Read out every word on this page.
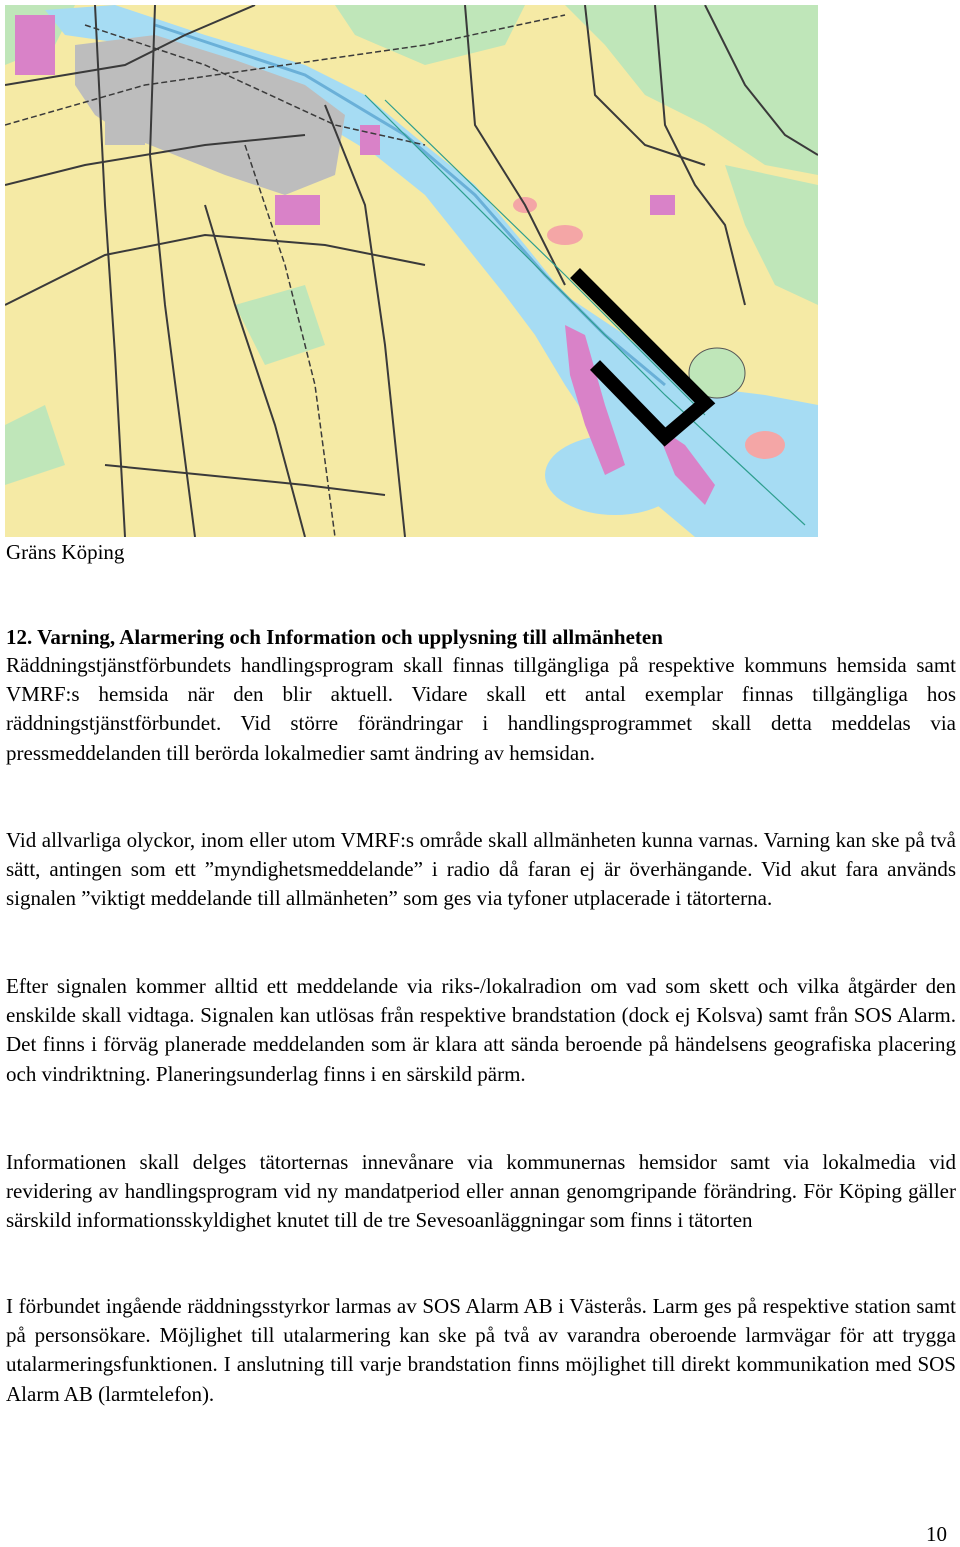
Gräns Köping
12. Varning, Alarmering och Information och upplysning till allmänheten

Räddningstjänstförbundets handlingsprogram skall finnas tillgängliga på respektive kommuns hemsida samt VMRF:s hemsida när den blir aktuell. Vidare skall ett antal exemplar finnas tillgängliga hos räddningstjänstförbundet. Vid större förändringar i handlingsprogrammet skall detta meddelas via pressmeddelanden till berörda lokalmedier samt ändring av hemsidan.

Vid allvarliga olyckor, inom eller utom VMRF:s område skall allmänheten kunna varnas. Varning kan ske på två sätt, antingen som ett ”myndighetsmeddelande” i radio då faran ej är överhängande. Vid akut fara används signalen ”viktigt meddelande till allmänheten” som ges via tyfoner utplacerade i tätorterna.

Efter signalen kommer alltid ett meddelande via riks-/lokalradion om vad som skett och vilka åtgärder den enskilde skall vidtaga. Signalen kan utlösas från respektive brandstation (dock ej Kolsva) samt från SOS Alarm. Det finns i förväg planerade meddelanden som är klara att sända beroende på händelsens geografiska placering och vindriktning. Planeringsunderlag finns i en särskild pärm.

Informationen skall delges tätorternas innevånare via kommunernas hemsidor samt via lokalmedia vid revidering av handlingsprogram vid ny mandatperiod eller annan genomgripande förändring. För Köping gäller särskild informationsskyldighet knutet till de tre Sevesoanläggningar som finns i tätorten

I förbundet ingående räddningsstyrkor larmas av SOS Alarm AB i Västerås. Larm ges på respektive station samt på personsökare. Möjlighet till utalarmering kan ske på två av varandra oberoende larmvägar för att trygga utalarmeringsfunktionen. I anslutning till varje brandstation finns möjlighet till direkt kommunikation med SOS Alarm AB (larmtelefon).

10
